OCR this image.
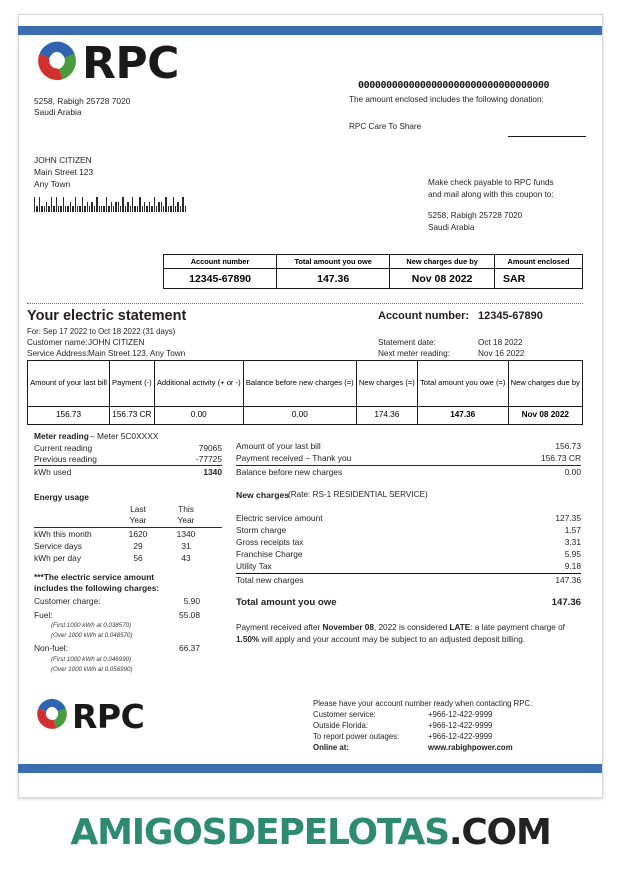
RPC
5258, Rabigh 25728 7020
Saudi Arabia
0000000000000000000000000000000000
The amount enclosed includes the following donation:
RPC Care To Share
JOHN CITIZEN
Main Street 123
Any Town	Make check payable to RPC funds
and mail along with this coupon to:
5258, Rabigh 25728 7020
Saudi Arabia
Account number	Total amount you owe	New charges due by	Amount enclosed
12345-67890	147.36	Nov 08 2022	SAR
Your electric statement
For: Sep 17 2022 to Oct 18 2022 (31 days)
Customer name: JOHN CITIZEN
Service Address: Main Street 123, Any Town
Account number: 12345-67890
Statement date:	Oct 18 2022
Next meter reading:	Nov 16 2022
Amount of your last bill	Payment (-)	Additional activity (+ or -)	Balance before new charges (=)	New charges (=)	Total amount you owe (=)	New charges due by
156.73	156.73 CR	0.00	0.00	174.36	147.36	Nov 08 2022
Meter reading – Meter 5C0XXXX
Current reading	79065
Previous reading	-77725
kWh used	1340
Energy usage
Last
Year
This
Year
kWh this month	1620	1340
Service days	29	31
kWh per day	56	43
***The electric service amount
includes the following charges:
Customer charge:	5.90
Fuel:	55.08
(First 1000 kWh at 0.038570)
(Over 1000 kWh at 0.048570)
Non-fuel:	66.37
(First 1000 kWh at 0.046990)
(Over 1000 kWh at 0.056990)
Amount of your last bill	156.73
Payment received – Thank you	156.73 CR
Balance before new charges	0.00
New charges
(Rate: RS-1 RESIDENTIAL SERVICE)
Electric service amount	127.35
Storm charge	1.57
Gross receipts tax	3.31
Franchise Charge	5.95
Utility Tax	9.18
Total new charges	147.36
Total amount you owe	147.36
Payment received after November 08, 2022 is considered LATE: a late payment charge of 1.50% will apply and your account may be subject to an adjusted deposit billing.
RPC	Please have your account number ready when contacting RPC.
Customer service:	+966-12-422-9999
Outside Florida:	+966-12-422-9999
To report power outages:	+966-12-422-9999
Online at:	www.rabighpower.com
AMIGOSDEPELOTAS.COM
